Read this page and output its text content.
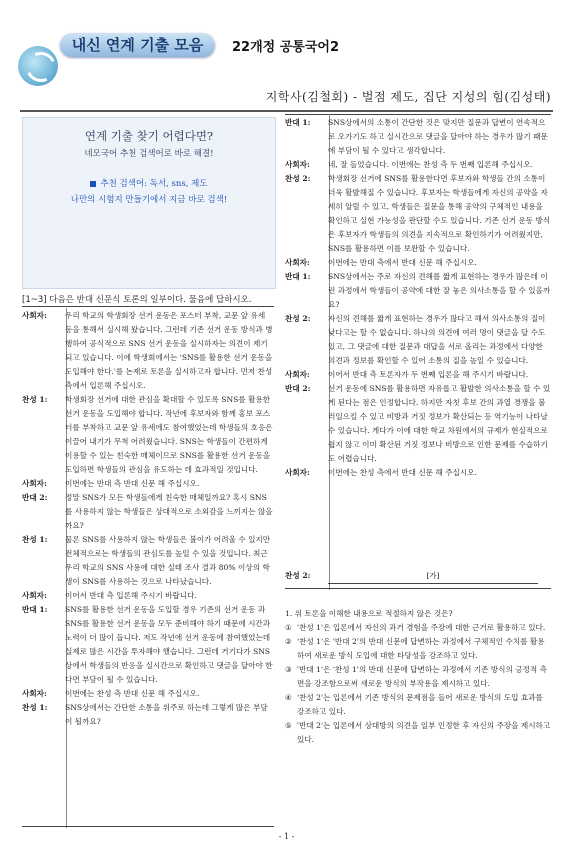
내신 연계 기출 모음	22개정 공통국어2
지학사(김철회) - 벌점 제도, 집단 지성의 힘(김성태)
연계 기출 찾기 어렵다면?
네모국어 추천 검색어로 바로 해결!
추천 검색어: 독서, sns, 제도
나만의 시험지 만들기에서 지금 바로 검색!
[1~3] 다음은 반대 신문식 토론의 일부이다. 물음에 답하시오.
사회자:	우리 학교의 학생회장 선거 운동은 포스터 부착, 교문 앞 유세 등을 통해서 실시해 왔습니다. 그런데 기존 선거 운동 방식과 병행하여 공식적으로 SNS 선거 운동을 실시하자는 의견이 제기되고 있습니다. 이에 학생회에서는 'SNS를 활용한 선거 운동을 도입해야 한다.'를 논제로 토론을 실시하고자 합니다. 먼저 찬성 측에서 입론해 주십시오.
찬성 1:	학생회장 선거에 대한 관심을 확대할 수 있도록 SNS를 활용한 선거 운동을 도입해야 합니다. 작년에 후보자와 함께 홍보 포스터를 부착하고 교문 앞 유세에도 참여했었는데 학생들의 호응은 이끌어 내기가 무척 어려웠습니다. SNS는 학생들이 간편하게 이용할 수 있는 친숙한 매체이므로 SNS를 활용한 선거 운동을 도입하면 학생들의 관심을 유도하는 데 효과적일 것입니다.
사회자:	이번에는 반대 측 반대 신문 해 주십시오.
반대 2:	정말 SNS가 모든 학생들에게 친숙한 매체일까요? 혹시 SNS를 사용하지 않는 학생들은 상대적으로 소외감을 느끼지는 않을까요?
찬성 1:	물론 SNS를 사용하지 않는 학생들은 불이가 어려울 수 있지만 전체적으로는 학생들의 관심도를 높일 수 있을 것입니다. 최근 우리 학교의 SNS 사용에 대한 실태 조사 결과 80% 이상의 학생이 SNS를 사용하는 것으로 나타났습니다.
사회자:	이어서 반대 측 입론해 주시기 바랍니다.
반대 1:	SNS를 활용한 선거 운동을 도입할 경우 기존의 선거 운동 과 SNS를 활용한 선거 운동을 모두 준비해야 하기 때문에 시간과 노력이 더 많이 듭니다. 저도 작년에 선거 운동에 참여했었는데 실제로 많은 시간을 투자해야 했습니다. 그런데 거기다가 SNS상에서 학생들의 반응을 실시간으로 확인하고 댓글을 달아야 한다면 부담이 될 수 있습니다.
사회자:	이번에는 찬성 측 반대 신문 해 주십시오.
찬성 1:	SNS상에서는 간단한 소통을 위주로 하는데 그렇게 많은 부담이 될까요?
반대 1:	SNS상에서의 소통이 간단한 것은 맞지만 질문과 답변이 연속적으로 오가기도 하고 실시간으로 댓글을 달아야 하는 경우가 많기 때문에 부담이 될 수 있다고 생각합니다.
사회자:	네, 잘 들었습니다. 이번에는 찬성 측 두 번째 입론해 주십시오.
찬성 2:	학생회장 선거에 SNS를 활용한다면 후보자와 학생들 간의 소통이 더욱 활발해질 수 있습니다. 후보자는 학생들에게 자신의 공약을 자세히 알릴 수 있고, 학생들은 질문을 통해 공약의 구체적인 내용을 확인하고 실현 가능성을 판단할 수도 있습니다. 기존 선거 운동 방식은 후보자가 학생들의 의견을 지속적으로 확인하기가 어려웠지만, SNS를 활용하면 이를 보완할 수 있습니다.
사회자:	이번에는 반대 측에서 반대 신문 해 주십시오.
반대 1:	SNS상에서는 주로 자신의 견해를 짧게 표현하는 경우가 많은데 이런 과정에서 학생들이 공약에 대한 잘 놓은 의사소통을 할 수 있을까요?
찬성 2:	자신의 견해를 짧게 표현하는 경우가 많다고 해서 의사소통의 질이 낮다고는 할 수 없습니다. 하나의 의견에 여러 명이 댓글을 달 수도 있고, 그 댓글에 대한 질문과 대답을 서로 올리는 과정에서 다양한 의견과 정보를 확인할 수 있어 소통의 질을 높일 수 있습니다.
사회자:	이어서 반대 측 토론자가 두 번째 입론을 해 주시기 바랍니다.
반대 2:	선거 운동에 SNS를 활용하면 자유롭고 활발한 의사소통을 할 수 있게 된다는 점은 인정합니다. 하지만 자칫 후보 간의 과열 경쟁을 불러일으킬 수 있고 비방과 거짓 정보가 확산되는 등 역기능이 나타날 수 있습니다. 게다가 이에 대한 학교 차원에서의 규제가 현실적으로 쉽지 않고 이미 확산된 거짓 정보나 비방으로 인한 문제를 수습하기도 어렵습니다.
사회자:	이번에는 찬성 측에서 반대 신문 해 주십시오.
찬성 2:	[가]
1. 위 토론을 이해한 내용으로 적절하지 않은 것은?
① '찬성 1'은 입론에서 자신의 과거 경험을 주장에 대한 근거로 활용하고 있다.
② '찬성 1'은 '반대 2'의 반대 신문에 답변하는 과정에서 구체적인 수치를 활용하여 새로운 방식 도입에 대한 타당성을 강조하고 있다.
③ '반대 1'은 '찬성 1'의 반대 신문에 답변하는 과정에서 기존 방식의 긍정적 측면을 강조함으로써 새로운 방식의 부작용을 제시하고 있다.
④ '찬성 2'는 입론에서 기존 방식의 문제점을 들어 새로운 방식의 도입 효과를 강조하고 있다.
⑤ '반대 2'는 입론에서 상대방의 의견을 일부 인정한 후 자신의 주장을 제시하고 있다.
- 1 -
